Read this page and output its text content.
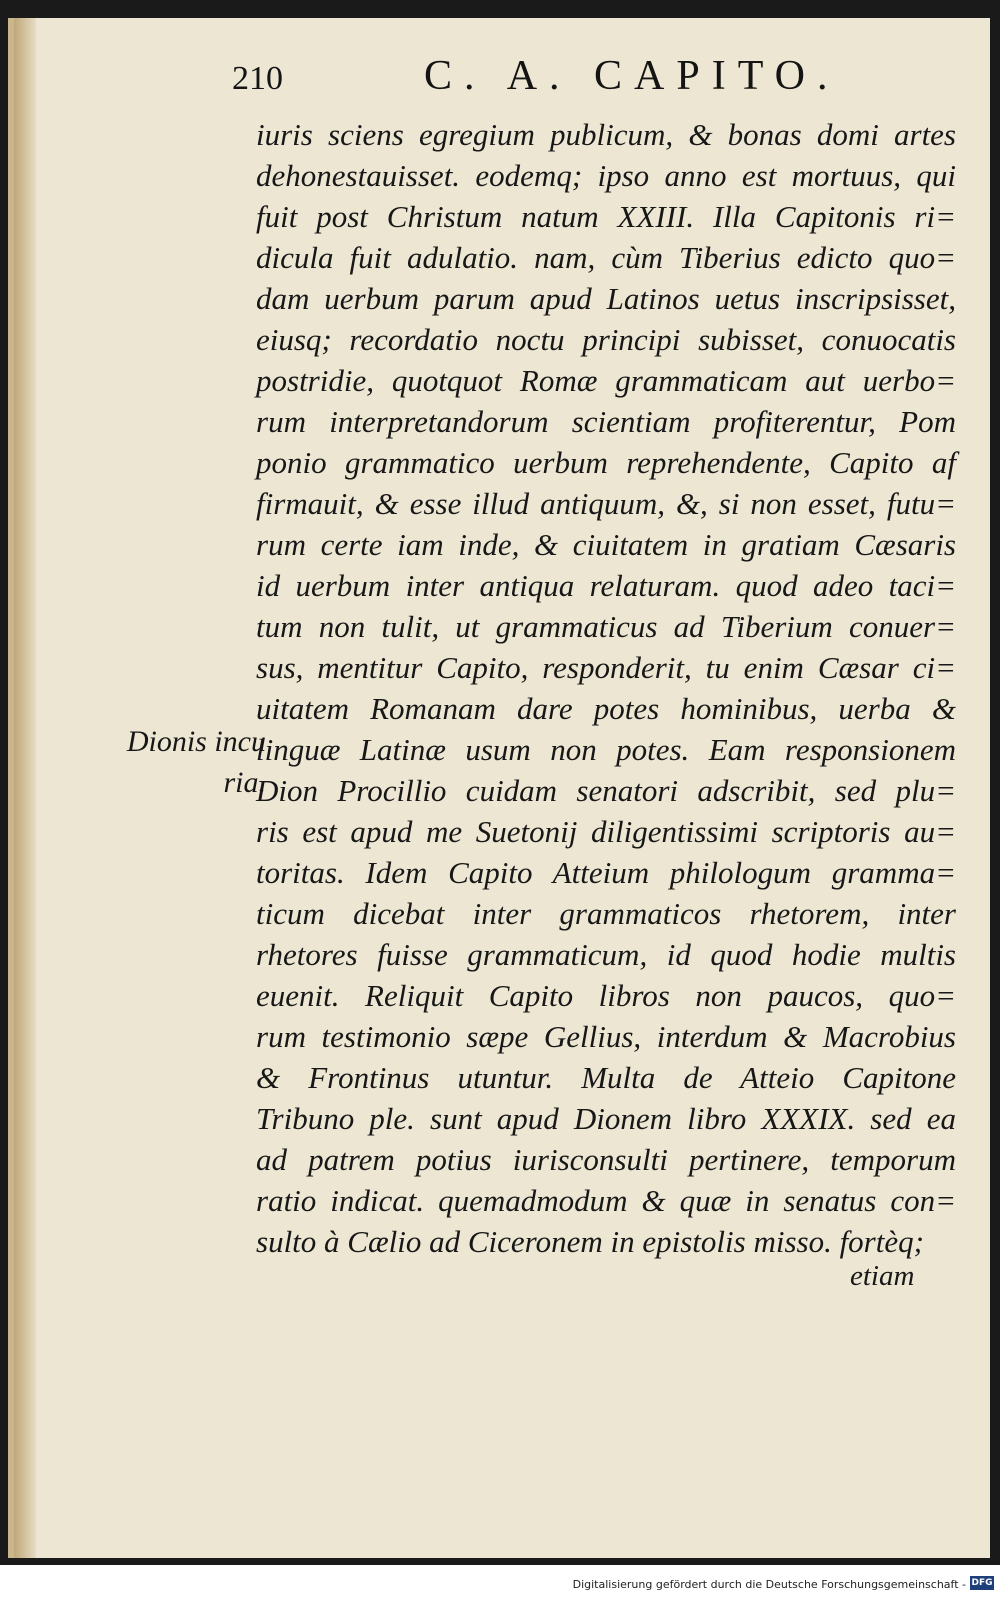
210	C. A. CAPITO.
Dionis incu
ria.
iuris sciens egregium publicum, & bonas domi artes
dehonestauisset. eodemq; ipso anno est mortuus, qui
fuit post Christum natum XXIII. Illa Capitonis ri=
dicula fuit adulatio. nam, cùm Tiberius edicto quo=
dam uerbum parum apud Latinos uetus inscripsisset,
eiusq; recordatio noctu principi subisset, conuocatis
postridie, quotquot Romæ grammaticam aut uerbo=
rum interpretandorum scientiam profiterentur, Pom
ponio grammatico uerbum reprehendente, Capito af
firmauit, & esse illud antiquum, &, si non esset, futu=
rum certe iam inde, & ciuitatem in gratiam Cæsaris
id uerbum inter antiqua relaturam. quod adeo taci=
tum non tulit, ut grammaticus ad Tiberium conuer=
sus, mentitur Capito, responderit, tu enim Cæsar ci=
uitatem Romanam dare potes hominibus, uerba &
linguæ Latinæ usum non potes. Eam responsionem
Dion Procillio cuidam senatori adscribit, sed plu=
ris est apud me Suetonij diligentissimi scriptoris au=
toritas. Idem Capito Atteium philologum gramma=
ticum dicebat inter grammaticos rhetorem, inter
rhetores fuisse grammaticum, id quod hodie multis
euenit. Reliquit Capito libros non paucos, quo=
rum testimonio sæpe Gellius, interdum & Macrobius
& Frontinus utuntur. Multa de Atteio Capitone
Tribuno ple. sunt apud Dionem libro XXXIX. sed ea
ad patrem potius iurisconsulti pertinere, temporum
ratio indicat. quemadmodum & quæ in senatus con=
sulto à Cælio ad Ciceronem in epistolis misso. fortèq;
etiam
Digitalisierung gefördert durch die Deutsche Forschungsgemeinschaft - DFG
